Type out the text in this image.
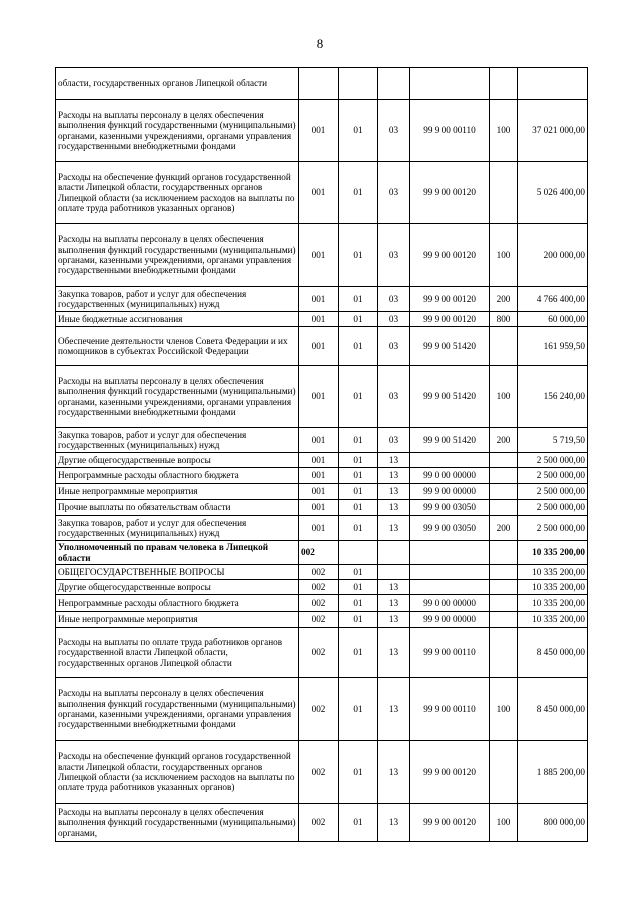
8
области, государственных органов Липецкой области						
Расходы на выплаты персоналу в целях обеспечения выполнения функций государственными (муниципальными) органами, казенными учреждениями, органами управления государственными внебюджетными фондами	001	01	03	99 9 00 00110	100	37 021 000,00
Расходы на обеспечение функций органов государственной власти Липецкой области, государственных органов Липецкой области (за исключением расходов на выплаты по оплате труда работников указанных органов)	001	01	03	99 9 00 00120		5 026 400,00
Расходы на выплаты персоналу в целях обеспечения выполнения функций государственными (муниципальными) органами, казенными учреждениями, органами управления государственными внебюджетными фондами	001	01	03	99 9 00 00120	100	200 000,00
Закупка товаров, работ и услуг для обеспечения государственных (муниципальных) нужд	001	01	03	99 9 00 00120	200	4 766 400,00
Иные бюджетные ассигнования	001	01	03	99 9 00 00120	800	60 000,00
Обеспечение деятельности членов Совета Федерации и их помощников в субъектах Российской Федерации	001	01	03	99 9 00 51420		161 959,50
Расходы на выплаты персоналу в целях обеспечения выполнения функций государственными (муниципальными) органами, казенными учреждениями, органами управления государственными внебюджетными фондами	001	01	03	99 9 00 51420	100	156 240,00
Закупка товаров, работ и услуг для обеспечения государственных (муниципальных) нужд	001	01	03	99 9 00 51420	200	5 719,50
Другие общегосударственные вопросы	001	01	13			2 500 000,00
Непрограммные расходы областного бюджета	001	01	13	99 0 00 00000		2 500 000,00
Иные непрограммные мероприятия	001	01	13	99 9 00 00000		2 500 000,00
Прочие выплаты по обязательствам области	001	01	13	99 9 00 03050		2 500 000,00
Закупка товаров, работ и услуг для обеспечения государственных (муниципальных) нужд	001	01	13	99 9 00 03050	200	2 500 000,00
Уполномоченный по правам человека в Липецкой области	002					10 335 200,00
ОБЩЕГОСУДАРСТВЕННЫЕ ВОПРОСЫ	002	01				10 335 200,00
Другие общегосударственные вопросы	002	01	13			10 335 200,00
Непрограммные расходы областного бюджета	002	01	13	99 0 00 00000		10 335 200,00
Иные непрограммные мероприятия	002	01	13	99 9 00 00000		10 335 200,00
Расходы на выплаты по оплате труда работников органов государственной власти Липецкой области, государственных органов Липецкой области	002	01	13	99 9 00 00110		8 450 000,00
Расходы на выплаты персоналу в целях обеспечения выполнения функций государственными (муниципальными) органами, казенными учреждениями, органами управления государственными внебюджетными фондами	002	01	13	99 9 00 00110	100	8 450 000,00
Расходы на обеспечение функций органов государственной власти Липецкой области, государственных органов Липецкой области (за исключением расходов на выплаты по оплате труда работников указанных органов)	002	01	13	99 9 00 00120		1 885 200,00
Расходы на выплаты персоналу в целях обеспечения выполнения функций государственными (муниципальными) органами,	002	01	13	99 9 00 00120	100	800 000,00
